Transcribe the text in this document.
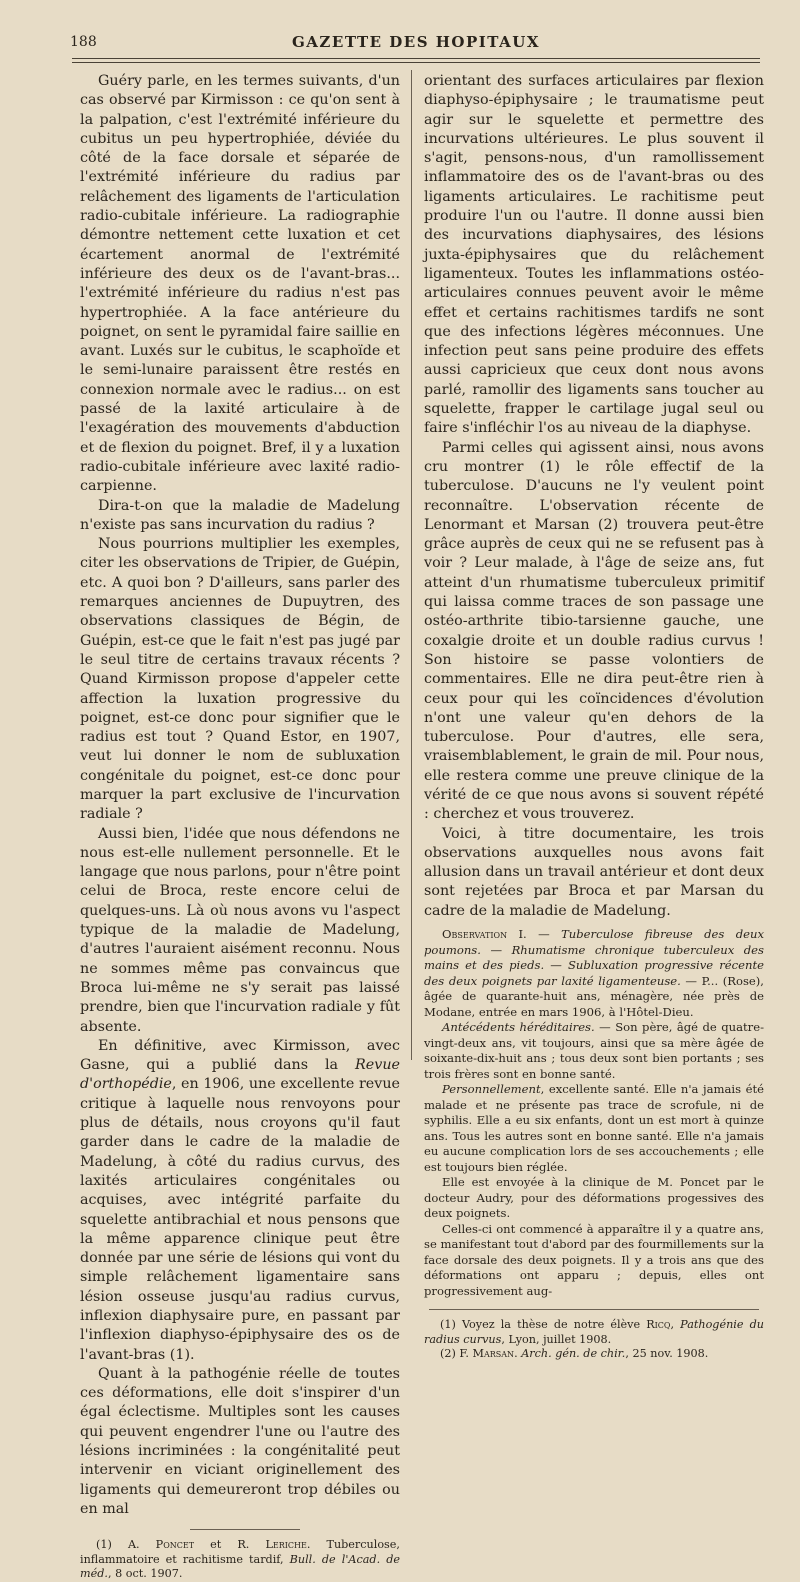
188	GAZETTE DES HOPITAUX

Guéry parle, en les termes suivants, d'un cas observé par Kirmisson : ce qu'on sent à la palpation, c'est l'extrémité inférieure du cubitus un peu hypertrophiée, déviée du côté de la face dorsale et séparée de l'extrémité inférieure du radius par relâchement des ligaments de l'articulation radio-cubitale inférieure. La radiographie démontre nettement cette luxation et cet écartement anormal de l'extrémité inférieure des deux os de l'avant-bras... l'extrémité inférieure du radius n'est pas hypertrophiée. A la face antérieure du poignet, on sent le pyramidal faire saillie en avant. Luxés sur le cubitus, le scaphoïde et le semi-lunaire paraissent être restés en connexion normale avec le radius... on est passé de la laxité articulaire à de l'exagération des mouvements d'abduction et de flexion du poignet. Bref, il y a luxation radio-cubitale inférieure avec laxité radio-carpienne.

Dira-t-on que la maladie de Madelung n'existe pas sans incurvation du radius ?

Nous pourrions multiplier les exemples, citer les observations de Tripier, de Guépin, etc. A quoi bon ? D'ailleurs, sans parler des remarques anciennes de Dupuytren, des observations classiques de Bégin, de Guépin, est-ce que le fait n'est pas jugé par le seul titre de certains travaux récents ? Quand Kirmisson propose d'appeler cette affection la luxation progressive du poignet, est-ce donc pour signifier que le radius est tout ? Quand Estor, en 1907, veut lui donner le nom de subluxation congénitale du poignet, est-ce donc pour marquer la part exclusive de l'incurvation radiale ?

Aussi bien, l'idée que nous défendons ne nous est-elle nullement personnelle. Et le langage que nous parlons, pour n'être point celui de Broca, reste encore celui de quelques-uns. Là où nous avons vu l'aspect typique de la maladie de Madelung, d'autres l'auraient aisément reconnu. Nous ne sommes même pas convaincus que Broca lui-même ne s'y serait pas laissé prendre, bien que l'incurvation radiale y fût absente.

En définitive, avec Kirmisson, avec Gasne, qui a publié dans la Revue d'orthopédie, en 1906, une excellente revue critique à laquelle nous renvoyons pour plus de détails, nous croyons qu'il faut garder dans le cadre de la maladie de Madelung, à côté du radius curvus, des laxités articulaires congénitales ou acquises, avec intégrité parfaite du squelette antibrachial et nous pensons que la même apparence clinique peut être donnée par une série de lésions qui vont du simple relâchement ligamentaire sans lésion osseuse jusqu'au radius curvus, inflexion diaphysaire pure, en passant par l'inflexion diaphyso-épiphysaire des os de l'avant-bras (1).

Quant à la pathogénie réelle de toutes ces déformations, elle doit s'inspirer d'un égal éclectisme. Multiples sont les causes qui peuvent engendrer l'une ou l'autre des lésions incriminées : la congénitalité peut intervenir en viciant originellement des ligaments qui demeureront trop débiles ou en mal

(1) A. Poncet et R. Leriche. Tuberculose, inflammatoire et rachitisme tardif, Bull. de l'Acad. de méd., 8 oct. 1907.

orientant des surfaces articulaires par flexion diaphyso-épiphysaire ; le traumatisme peut agir sur le squelette et permettre des incurvations ultérieures. Le plus souvent il s'agit, pensons-nous, d'un ramollissement inflammatoire des os de l'avant-bras ou des ligaments articulaires. Le rachitisme peut produire l'un ou l'autre. Il donne aussi bien des incurvations diaphysaires, des lésions juxta-épiphysaires que du relâchement ligamenteux. Toutes les inflammations ostéo-articulaires connues peuvent avoir le même effet et certains rachitismes tardifs ne sont que des infections légères méconnues. Une infection peut sans peine produire des effets aussi capricieux que ceux dont nous avons parlé, ramollir des ligaments sans toucher au squelette, frapper le cartilage jugal seul ou faire s'infléchir l'os au niveau de la diaphyse.

Parmi celles qui agissent ainsi, nous avons cru montrer (1) le rôle effectif de la tuberculose. D'aucuns ne l'y veulent point reconnaître. L'observation récente de Lenormant et Marsan (2) trouvera peut-être grâce auprès de ceux qui ne se refusent pas à voir ? Leur malade, à l'âge de seize ans, fut atteint d'un rhumatisme tuberculeux primitif qui laissa comme traces de son passage une ostéo-arthrite tibio-tarsienne gauche, une coxalgie droite et un double radius curvus ! Son histoire se passe volontiers de commentaires. Elle ne dira peut-être rien à ceux pour qui les coïncidences d'évolution n'ont une valeur qu'en dehors de la tuberculose. Pour d'autres, elle sera, vraisemblablement, le grain de mil. Pour nous, elle restera comme une preuve clinique de la vérité de ce que nous avons si souvent répété : cherchez et vous trouverez.

Voici, à titre documentaire, les trois observations auxquelles nous avons fait allusion dans un travail antérieur et dont deux sont rejetées par Broca et par Marsan du cadre de la maladie de Madelung.

Observation I. — Tuberculose fibreuse des deux poumons. — Rhumatisme chronique tuberculeux des mains et des pieds. — Subluxation progressive récente des deux poignets par laxité ligamenteuse. — P... (Rose), âgée de quarante-huit ans, ménagère, née près de Modane, entrée en mars 1906, à l'Hôtel-Dieu.

Antécédents héréditaires. — Son père, âgé de quatre-vingt-deux ans, vit toujours, ainsi que sa mère âgée de soixante-dix-huit ans ; tous deux sont bien portants ; ses trois frères sont en bonne santé.

Personnellement, excellente santé. Elle n'a jamais été malade et ne présente pas trace de scrofule, ni de syphilis. Elle a eu six enfants, dont un est mort à quinze ans. Tous les autres sont en bonne santé. Elle n'a jamais eu aucune complication lors de ses accouchements ; elle est toujours bien réglée.

Elle est envoyée à la clinique de M. Poncet par le docteur Audry, pour des déformations progessives des deux poignets.

Celles-ci ont commencé à apparaître il y a quatre ans, se manifestant tout d'abord par des fourmillements sur la face dorsale des deux poignets. Il y a trois ans que des déformations ont apparu ; depuis, elles ont progressivement aug-

(1) Voyez la thèse de notre élève Ricq, Pathogénie du radius curvus, Lyon, juillet 1908.

(2) F. Marsan. Arch. gén. de chir., 25 nov. 1908.
